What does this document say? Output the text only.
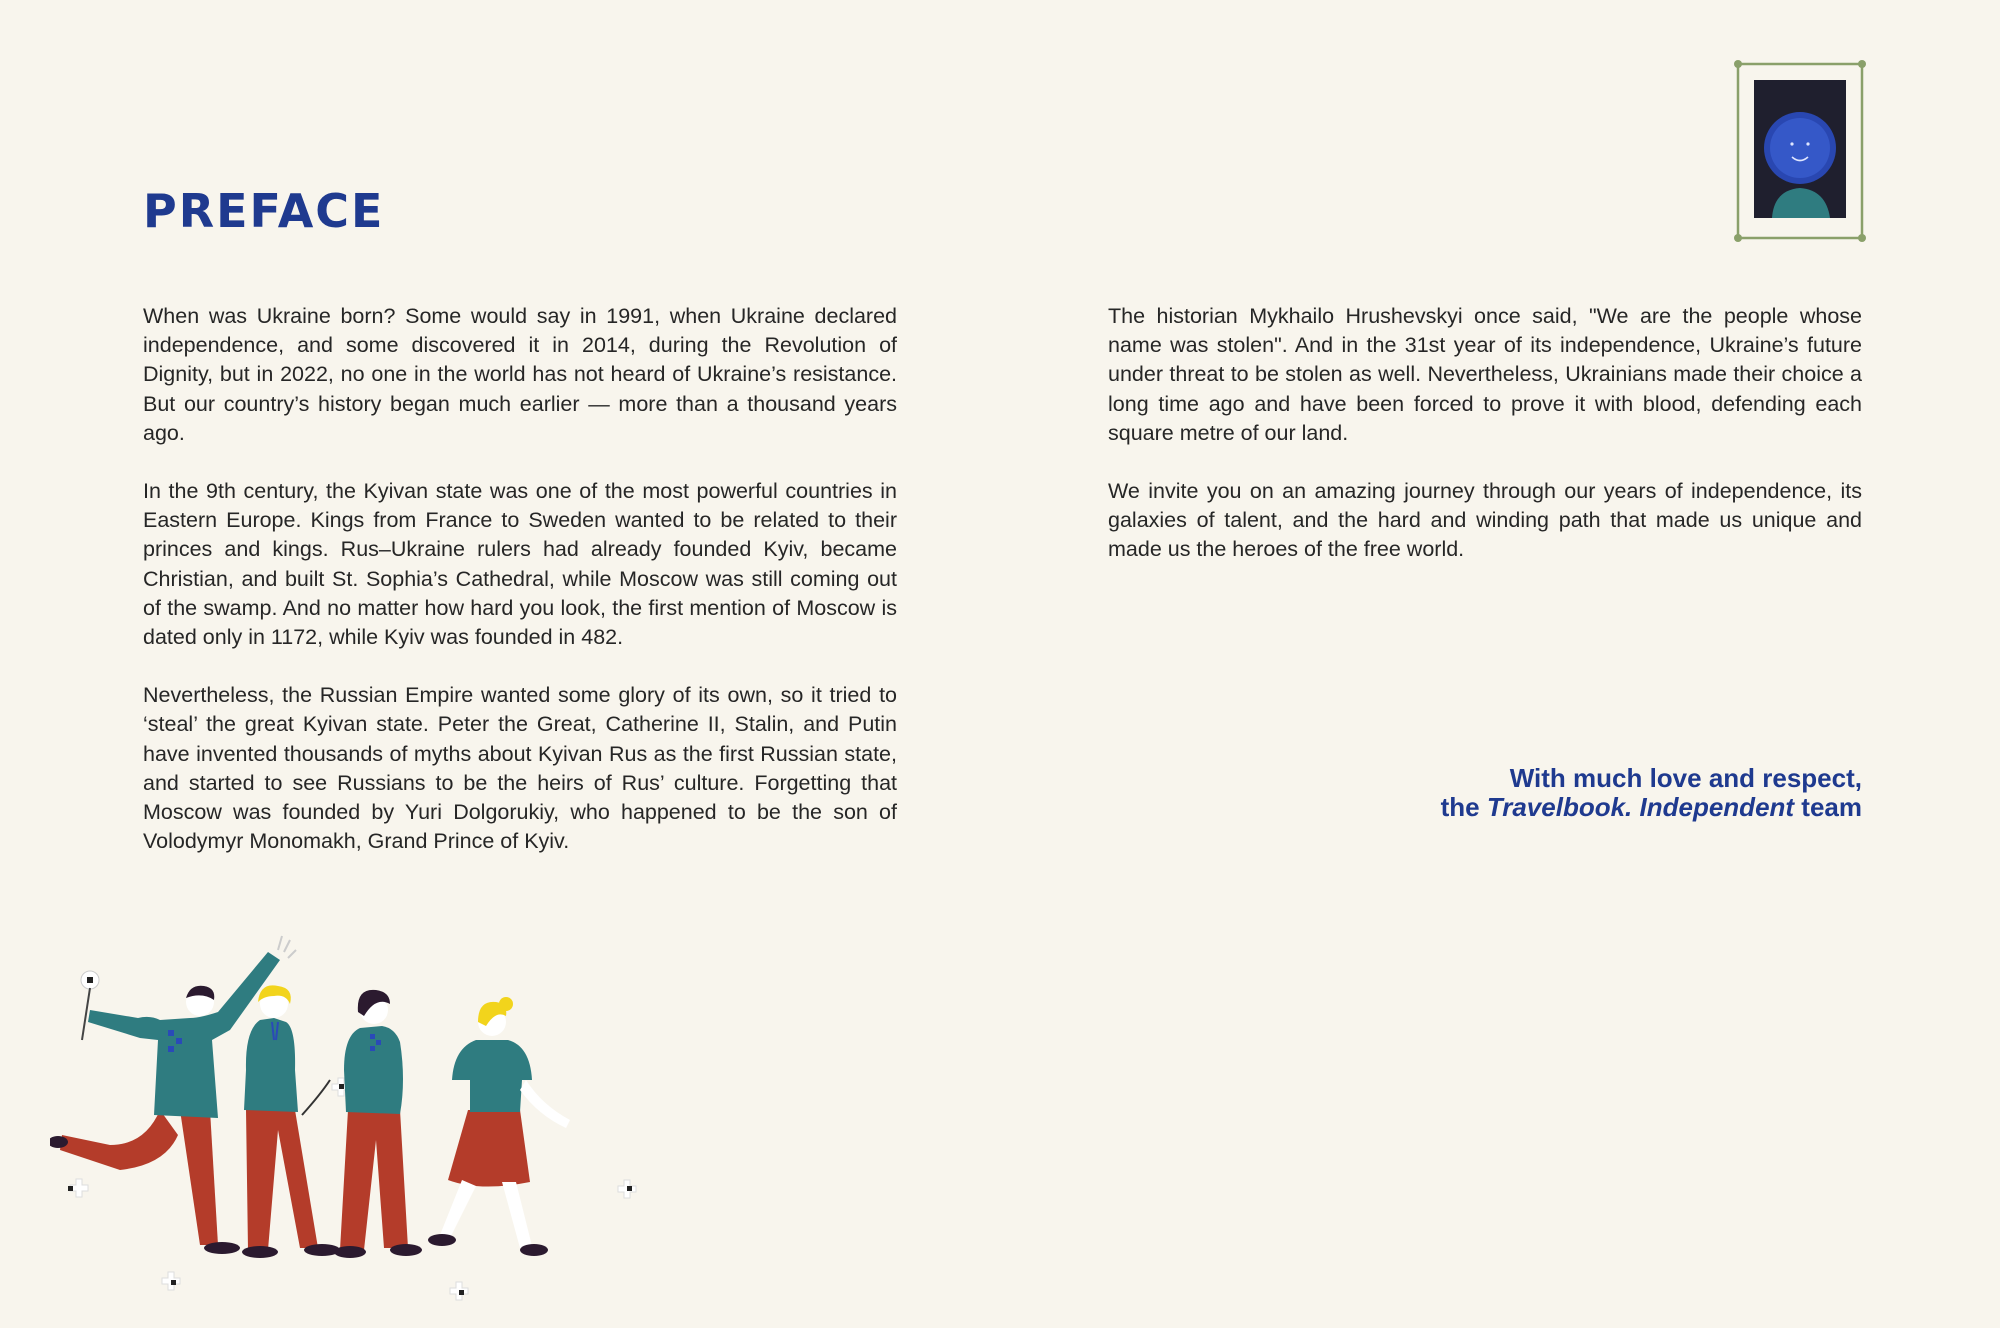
PREFACE

When was Ukraine born? Some would say in 1991, when Ukraine declared independence, and some discovered it in 2014, during the Revolution of Dignity, but in 2022, no one in the world has not heard of Ukraine’s resistance. But our country’s history began much earlier — more than a thousand years ago.

In the 9th century, the Kyivan state was one of the most powerful countries in Eastern Europe. Kings from France to Sweden wanted to be related to their princes and kings. Rus–Ukraine rulers had already founded Kyiv, became Christian, and built St. Sophia’s Cathedral, while Moscow was still coming out of the swamp. And no matter how hard you look, the first mention of Moscow is dated only in 1172, while Kyiv was founded in 482.

Nevertheless, the Russian Empire wanted some glory of its own, so it tried to ‘steal’ the great Kyivan state. Peter the Great, Catherine II, Stalin, and Putin have invented thousands of myths about Kyivan Rus as the first Russian state, and started to see Russians to be the heirs of Rus’ culture. Forgetting that Moscow was founded by Yuri Dolgorukiy, who happened to be the son of Volodymyr Monomakh, Grand Prince of Kyiv.

The historian Mykhailo Hrushevskyi once said, "We are the people whose name was stolen". And in the 31st year of its independence, Ukraine’s future under threat to be stolen as well. Nevertheless, Ukrainians made their choice a long time ago and have been forced to prove it with blood, defending each square metre of our land.

We invite you on an amazing journey through our years of independence, its galaxies of talent, and the hard and winding path that made us unique and made us the heroes of the free world.

With much love and respect,
the Travelbook. Independent team
